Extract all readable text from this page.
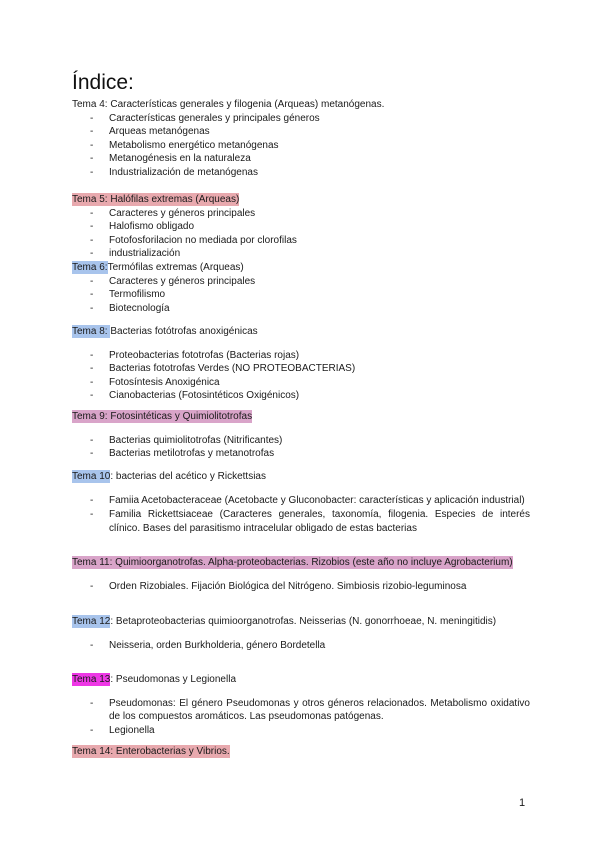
Índice:

Tema 4: Características generales y filogenia (Arqueas) metanógenas.

- Características generales y principales géneros
- Arqueas metanógenas
- Metabolismo energético metanógenas
- Metanogénesis en la naturaleza
- Industrialización de metanógenas

Tema 5: Halófilas extremas (Arqueas)

- Caracteres y géneros principales
- Halofismo obligado
- Fotofosforilacion no mediada por clorofilas
- industrialización

Tema 6:Termófilas extremas (Arqueas)

- Caracteres y géneros principales
- Termofilismo
- Biotecnología

Tema 8: Bacterias fotótrofas anoxigénicas

- Proteobacterias fototrofas (Bacterias rojas)
- Bacterias fototrofas Verdes (NO PROTEOBACTERIAS)
- Fotosíntesis Anoxigénica
- Cianobacterias (Fotosintéticos Oxigénicos)

Tema 9: Fotosintéticas y Quimiolitotrofas

- Bacterias quimiolitotrofas (Nitrificantes)
- Bacterias metilotrofas y metanotrofas

Tema 10: bacterias del acético y Rickettsias

- Famiia Acetobacteraceae (Acetobacte y Gluconobacter: características y aplicación industrial)
- Familia Rickettsiaceae (Caracteres generales, taxonomía, filogenia. Especies de interés clínico. Bases del parasitismo intracelular obligado de estas bacterias

Tema 11: Quimioorganotrofas. Alpha-proteobacterias. Rizobios (este año no incluye Agrobacterium)

- Orden Rizobiales. Fijación Biológica del Nitrógeno. Simbiosis rizobio-leguminosa

Tema 12: Betaproteobacterias quimioorganotrofas. Neisserias (N. gonorrhoeae, N. meningitidis)

- Neisseria, orden Burkholderia, género Bordetella

Tema 13: Pseudomonas y Legionella

- Pseudomonas: El género Pseudomonas y otros géneros relacionados. Metabolismo oxidativo de los compuestos aromáticos. Las pseudomonas patógenas.
- Legionella

Tema 14: Enterobacterias y Vibrios.

1
